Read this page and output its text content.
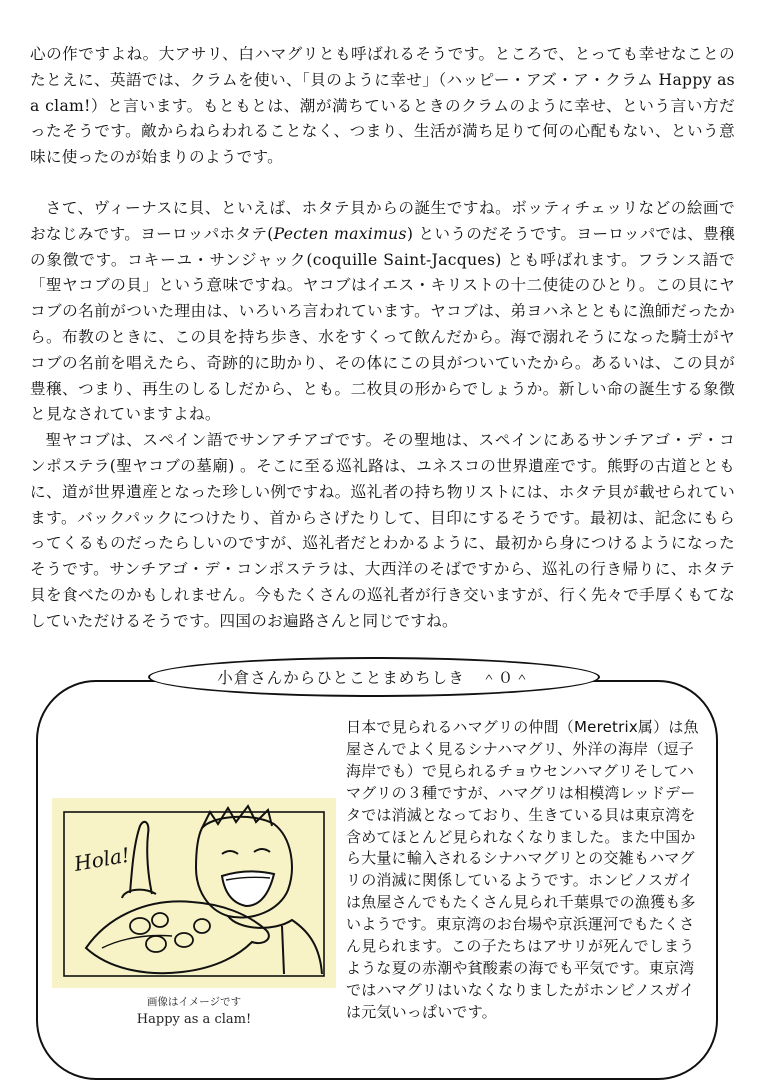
心の作ですよね。大アサリ、白ハマグリとも呼ばれるそうです。ところで、とっても幸せなことのたとえに、英語では、クラムを使い、「貝のように幸せ」（ハッピー・アズ・ア・クラム Happy as a clam!）と言います。もともとは、潮が満ちているときのクラムのように幸せ、という言い方だったそうです。敵からねらわれることなく、つまり、生活が満ち足りて何の心配もない、という意味に使ったのが始まりのようです。

さて、ヴィーナスに貝、といえば、ホタテ貝からの誕生ですね。ボッティチェッリなどの絵画でおなじみです。ヨーロッパホタテ(Pecten maximus) というのだそうです。ヨーロッパでは、豊穣の象徴です。コキーユ・サンジャック(coquille Saint-Jacques) とも呼ばれます。フランス語で「聖ヤコブの貝」という意味ですね。ヤコブはイエス・キリストの十二使徒のひとり。この貝にヤコブの名前がついた理由は、いろいろ言われています。ヤコブは、弟ヨハネとともに漁師だったから。布教のときに、この貝を持ち歩き、水をすくって飲んだから。海で溺れそうになった騎士がヤコブの名前を唱えたら、奇跡的に助かり、その体にこの貝がついていたから。あるいは、この貝が豊穣、つまり、再生のしるしだから、とも。二枚貝の形からでしょうか。新しい命の誕生する象徴と見なされていますよね。

聖ヤコブは、スペイン語でサンアチアゴです。その聖地は、スペインにあるサンチアゴ・デ・コンポステラ(聖ヤコブの墓廟) 。そこに至る巡礼路は、ユネスコの世界遺産です。熊野の古道とともに、道が世界遺産となった珍しい例ですね。巡礼者の持ち物リストには、ホタテ貝が載せられています。バックパックにつけたり、首からさげたりして、目印にするそうです。最初は、記念にもらってくるものだったらしいのですが、巡礼者だとわかるように、最初から身につけるようになったそうです。サンチアゴ・デ・コンポステラは、大西洋のそばですから、巡礼の行き帰りに、ホタテ貝を食べたのかもしれません。今もたくさんの巡礼者が行き交いますが、行く先々で手厚くもてなしていただけるそうです。四国のお遍路さんと同じですね。

小倉さんからひとことまめちしき　＾０＾
Hola!
画像はイメージです
Happy as a clam!

日本で見られるハマグリの仲間（Meretrix属）は魚屋さんでよく見るシナハマグリ、外洋の海岸（逗子海岸でも）で見られるチョウセンハマグリそしてハマグリの３種ですが、ハマグリは相模湾レッドデータでは消滅となっており、生きている貝は東京湾を含めてほとんど見られなくなりました。また中国から大量に輸入されるシナハマグリとの交雑もハマグリの消滅に関係しているようです。ホンビノスガイは魚屋さんでもたくさん見られ千葉県での漁獲も多いようです。東京湾のお台場や京浜運河でもたくさん見られます。この子たちはアサリが死んでしまうような夏の赤潮や貧酸素の海でも平気です。東京湾ではハマグリはいなくなりましたがホンビノスガイは元気いっぱいです。
